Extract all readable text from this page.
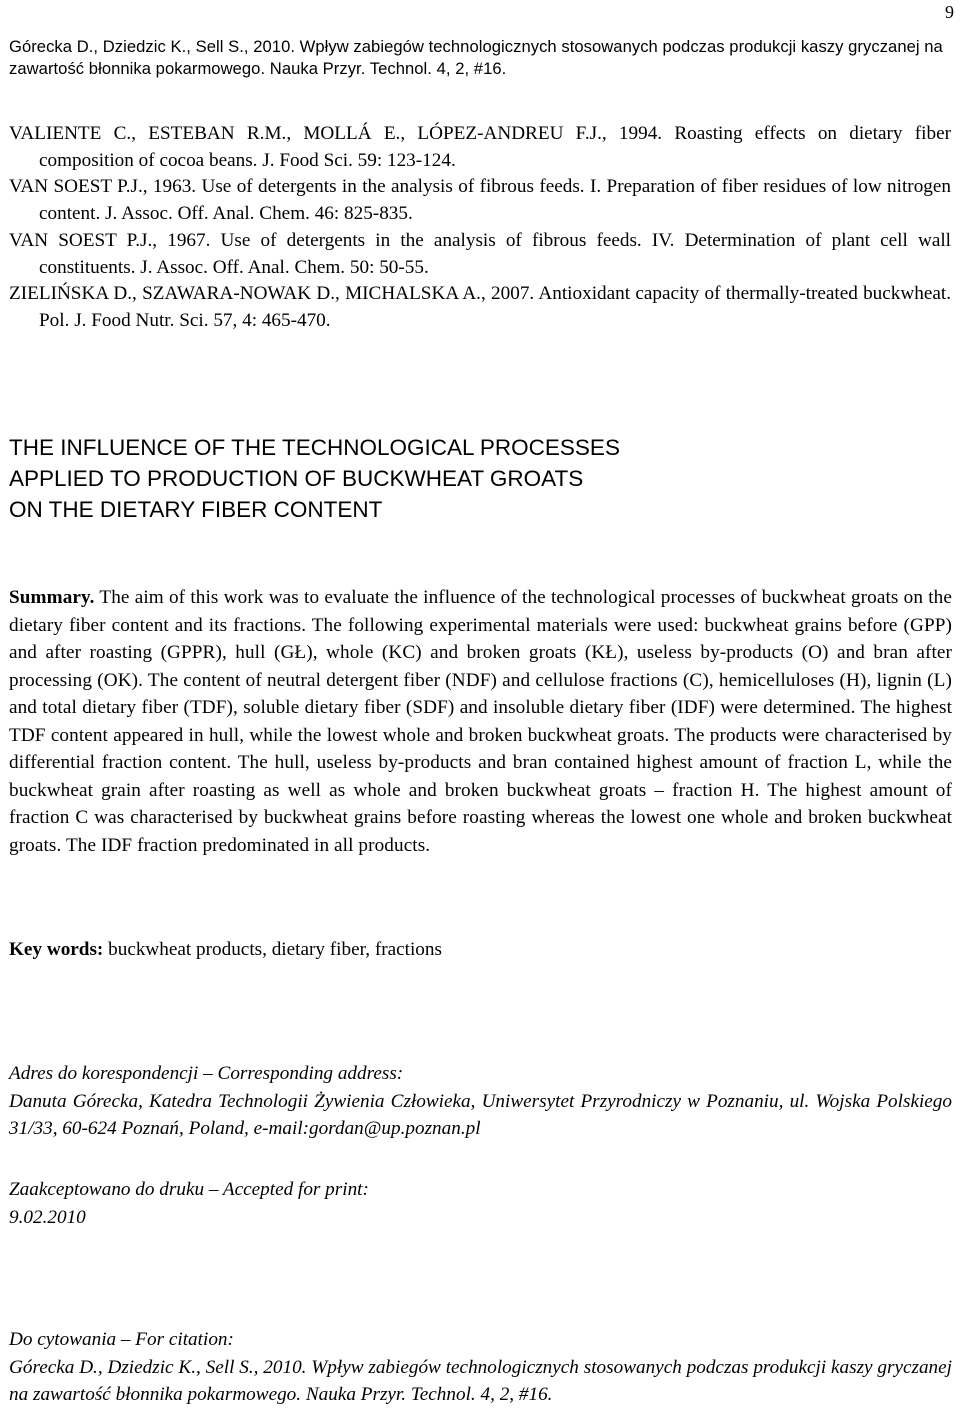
9
Górecka D., Dziedzic K., Sell S., 2010. Wpływ zabiegów technologicznych stosowanych podczas produkcji kaszy gryczanej na zawartość błonnika pokarmowego. Nauka Przyr. Technol. 4, 2, #16.

VALIENTE C., ESTEBAN R.M., MOLLÁ E., LÓPEZ-ANDREU F.J., 1994. Roasting effects on dietary fiber composition of cocoa beans. J. Food Sci. 59: 123-124.

VAN SOEST P.J., 1963. Use of detergents in the analysis of fibrous feeds. I. Preparation of fiber residues of low nitrogen content. J. Assoc. Off. Anal. Chem. 46: 825-835.

VAN SOEST P.J., 1967. Use of detergents in the analysis of fibrous feeds. IV. Determination of plant cell wall constituents. J. Assoc. Off. Anal. Chem. 50: 50-55.

ZIELIŃSKA D., SZAWARA-NOWAK D., MICHALSKA A., 2007. Antioxidant capacity of thermally-treated buckwheat. Pol. J. Food Nutr. Sci. 57, 4: 465-470.

THE INFLUENCE OF THE TECHNOLOGICAL PROCESSES
APPLIED TO PRODUCTION OF BUCKWHEAT GROATS
ON THE DIETARY FIBER CONTENT

Summary. The aim of this work was to evaluate the influence of the technological processes of buckwheat groats on the dietary fiber content and its fractions. The following experimental materials were used: buckwheat grains before (GPP) and after roasting (GPPR), hull (GŁ), whole (KC) and broken groats (KŁ), useless by-products (O) and bran after processing (OK). The content of neutral detergent fiber (NDF) and cellulose fractions (C), hemicelluloses (H), lignin (L) and total dietary fiber (TDF), soluble dietary fiber (SDF) and insoluble dietary fiber (IDF) were determined. The highest TDF content appeared in hull, while the lowest whole and broken buckwheat groats. The products were characterised by differential fraction content. The hull, useless by-products and bran contained highest amount of fraction L, while the buckwheat grain after roasting as well as whole and broken buckwheat groats – fraction H. The highest amount of fraction C was characterised by buckwheat grains before roasting whereas the lowest one whole and broken buckwheat groats. The IDF fraction predominated in all products.

Key words: buckwheat products, dietary fiber, fractions

Adres do korespondencji – Corresponding address:
Danuta Górecka, Katedra Technologii Żywienia Człowieka, Uniwersytet Przyrodniczy w Poznaniu, ul. Wojska Polskiego 31/33, 60-624 Poznań, Poland, e-mail:gordan@up.poznan.pl
Zaakceptowano do druku – Accepted for print:
9.02.2010
Do cytowania – For citation:
Górecka D., Dziedzic K., Sell S., 2010. Wpływ zabiegów technologicznych stosowanych podczas produkcji kaszy gryczanej na zawartość błonnika pokarmowego. Nauka Przyr. Technol. 4, 2, #16.
